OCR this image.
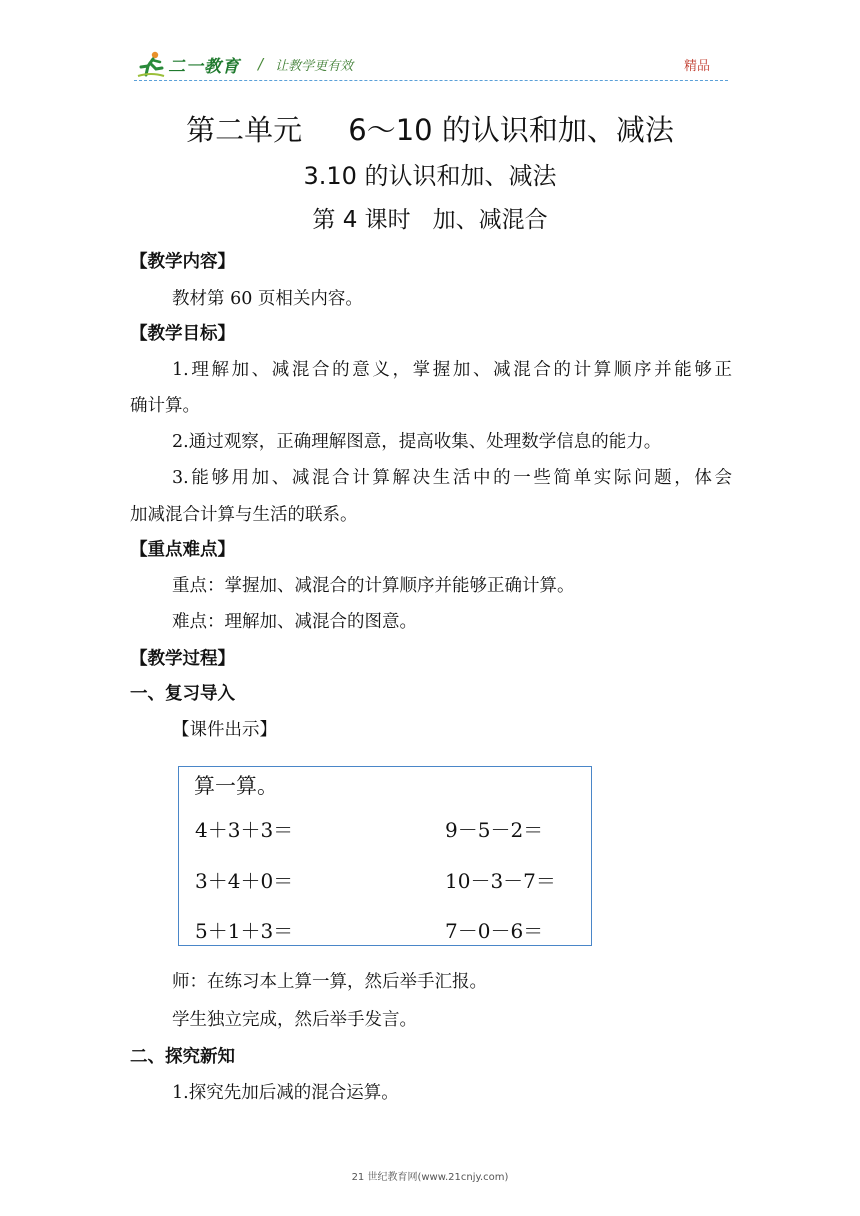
二一教育 / 让教学更有效	精品
第二单元     6～10 的认识和加、减法
3.10 的认识和加、减法
第 4 课时   加、减混合
【教学内容】
教材第 60 页相关内容。
【教学目标】
1.理解加、减混合的意义，掌握加、减混合的计算顺序并能够正
确计算。
2.通过观察，正确理解图意，提高收集、处理数学信息的能力。
3.能够用加、减混合计算解决生活中的一些简单实际问题，体会
加减混合计算与生活的联系。
【重点难点】
重点：掌握加、减混合的计算顺序并能够正确计算。
难点：理解加、减混合的图意。
【教学过程】
一、复习导入
【课件出示】
算一算。
4＋3＋3＝
3＋4＋0＝
5＋1＋3＝
9－5－2＝
10－3－7＝
7－0－6＝
师：在练习本上算一算，然后举手汇报。
学生独立完成，然后举手发言。
二、探究新知
1.探究先加后减的混合运算。
21 世纪教育网(www.21cnjy.com)
